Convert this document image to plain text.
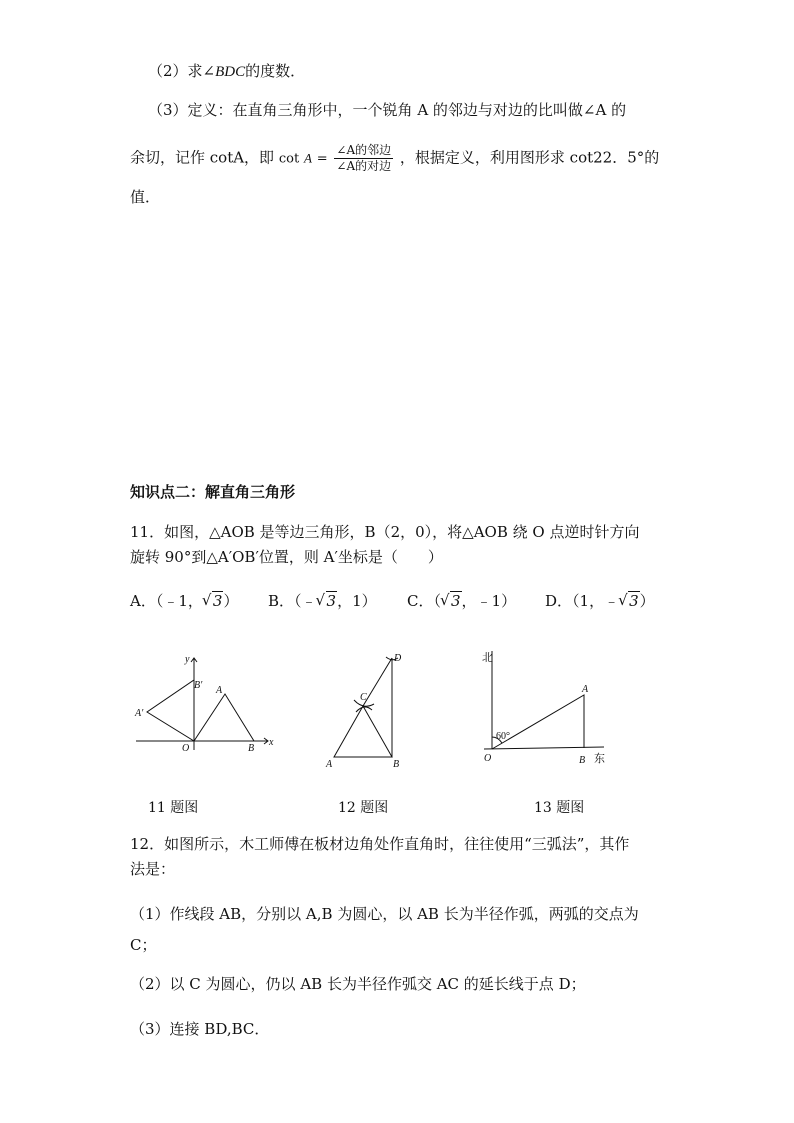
（2）求∠BDC的度数．
（3）定义：在直角三角形中，一个锐角 A 的邻边与对边的比叫做∠A 的
余切，记作 cotA，即 $\cot A = \frac{\text{∠A的邻边}}{\text{∠A的对边}}$ ，根据定义，利用图形求 cot22．5°的
值．
知识点二：解直角三角形
11．如图，△AOB 是等边三角形，B（2，0），将△AOB 绕 O 点逆时针方向
旋转 90°到△A′OB′位置，则 A′坐标是（　　）
A．（﹣1， √ 3） B．（﹣ √ 3，1） C．（ √ 3，﹣1） D．（1，﹣ √ 3）
y
x
B′
A′
A
O	B
11 题图
D
C
A	B
12 题图
北
东
A
O	B
60°
13 题图
12．如图所示，木工师傅在板材边角处作直角时，往往使用“三弧法”，其作
法是：
（1）作线段 AB，分别以 A,B 为圆心，以 AB 长为半径作弧，两弧的交点为
C；
（2）以 C 为圆心，仍以 AB 长为半径作弧交 AC 的延长线于点 D；
（3）连接 BD,BC．
